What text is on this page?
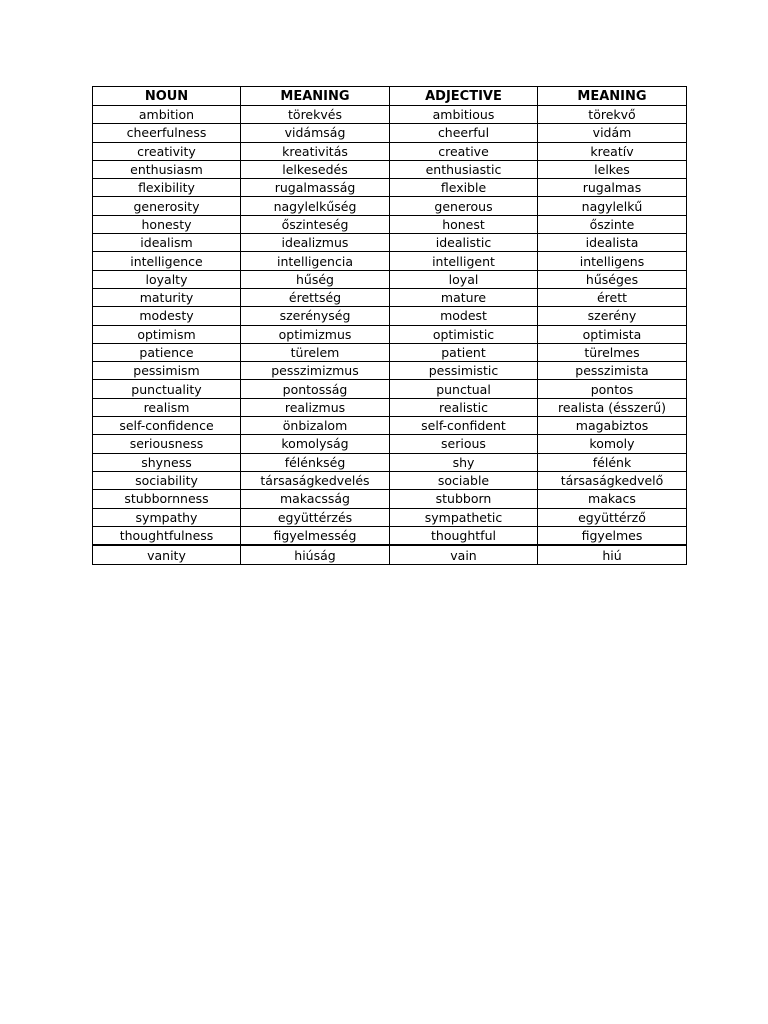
NOUN	MEANING	ADJECTIVE	MEANING
ambition	törekvés	ambitious	törekvő
cheerfulness	vidámság	cheerful	vidám
creativity	kreativitás	creative	kreatív
enthusiasm	lelkesedés	enthusiastic	lelkes
flexibility	rugalmasság	flexible	rugalmas
generosity	nagylelkűség	generous	nagylelkű
honesty	őszinteség	honest	őszinte
idealism	idealizmus	idealistic	idealista
intelligence	intelligencia	intelligent	intelligens
loyalty	hűség	loyal	hűséges
maturity	érettség	mature	érett
modesty	szerénység	modest	szerény
optimism	optimizmus	optimistic	optimista
patience	türelem	patient	türelmes
pessimism	pesszimizmus	pessimistic	pesszimista
punctuality	pontosság	punctual	pontos
realism	realizmus	realistic	realista (ésszerű)
self-confidence	önbizalom	self-confident	magabiztos
seriousness	komolyság	serious	komoly
shyness	félénkség	shy	félénk
sociability	társaságkedvelés	sociable	társaságkedvelő
stubbornness	makacsság	stubborn	makacs
sympathy	együttérzés	sympathetic	együttérző
thoughtfulness	figyelmesség	thoughtful	figyelmes
vanity	hiúság	vain	hiú
